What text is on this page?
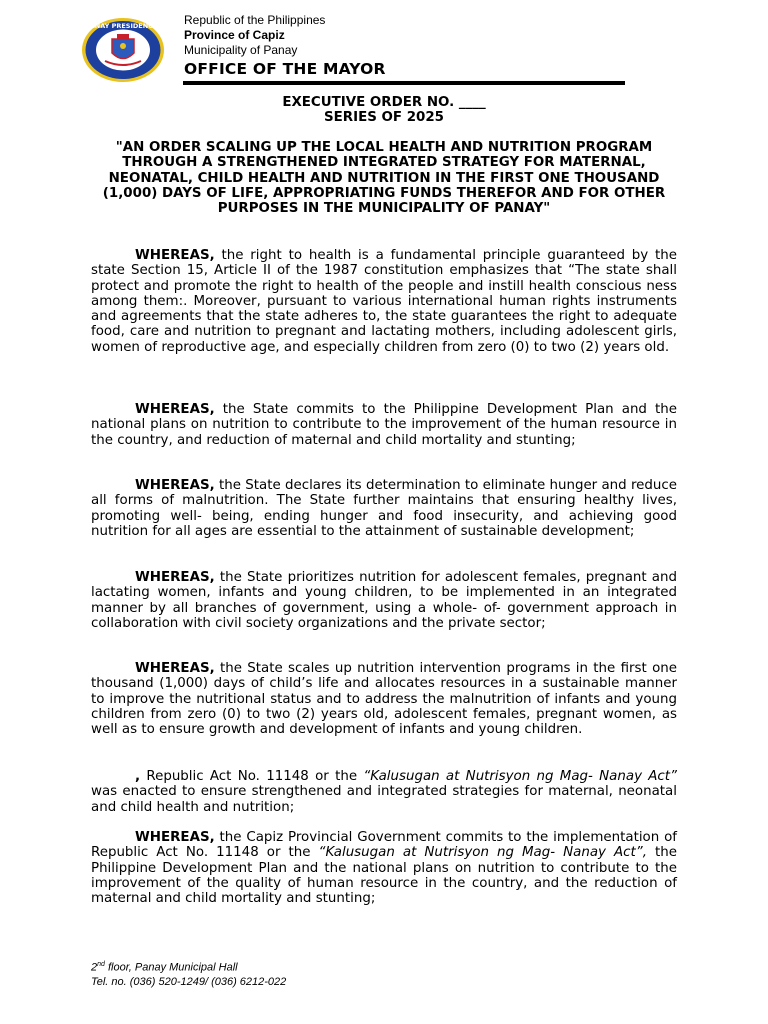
PANAY PRESIDENCIA Republic of the Philippines
Province of Capiz
Municipality of Panay
OFFICE OF THE MAYOR
EXECUTIVE ORDER NO. ____
SERIES OF 2025
"AN ORDER SCALING UP THE LOCAL HEALTH AND NUTRITION PROGRAM THROUGH A STRENGTHENED INTEGRATED STRATEGY FOR MATERNAL, NEONATAL, CHILD HEALTH AND NUTRITION IN THE FIRST ONE THOUSAND (1,000) DAYS OF LIFE, APPROPRIATING FUNDS THEREFOR AND FOR OTHER PURPOSES IN THE MUNICIPALITY OF PANAY"
WHEREAS, the right to health is a fundamental principle guaranteed by the state Section 15, Article II of the 1987 constitution emphasizes that “The state shall protect and promote the right to health of the people and instill health conscious ness among them:. Moreover, pursuant to various international human rights instruments and agreements that the state adheres to, the state guarantees the right to adequate food, care and nutrition to pregnant and lactating mothers, including adolescent girls, women of reproductive age, and especially children from zero (0) to two (2) years old.
WHEREAS, the State commits to the Philippine Development Plan and the national plans on nutrition to contribute to the improvement of the human resource in the country, and reduction of maternal and child mortality and stunting;
WHEREAS, the State declares its determination to eliminate hunger and reduce all forms of malnutrition. The State further maintains that ensuring healthy lives, promoting well- being, ending hunger and food insecurity, and achieving good nutrition for all ages are essential to the attainment of sustainable development;
WHEREAS, the State prioritizes nutrition for adolescent females, pregnant and lactating women, infants and young children, to be implemented in an integrated manner by all branches of government, using a whole- of- government approach in collaboration with civil society organizations and the private sector;
WHEREAS, the State scales up nutrition intervention programs in the first one thousand (1,000) days of child’s life and allocates resources in a sustainable manner to improve the nutritional status and to address the malnutrition of infants and young children from zero (0) to two (2) years old, adolescent females, pregnant women, as well as to ensure growth and development of infants and young children.
, Republic Act No. 11148 or the “Kalusugan at Nutrisyon ng Mag- Nanay Act” was enacted to ensure strengthened and integrated strategies for maternal, neonatal and child health and nutrition;
WHEREAS, the Capiz Provincial Government commits to the implementation of Republic Act No. 11148 or the “Kalusugan at Nutrisyon ng Mag- Nanay Act”, the Philippine Development Plan and the national plans on nutrition to contribute to the improvement of the quality of human resource in the country, and the reduction of maternal and child mortality and stunting;
2nd floor, Panay Municipal Hall
Tel. no. (036) 520-1249/ (036) 6212-022
